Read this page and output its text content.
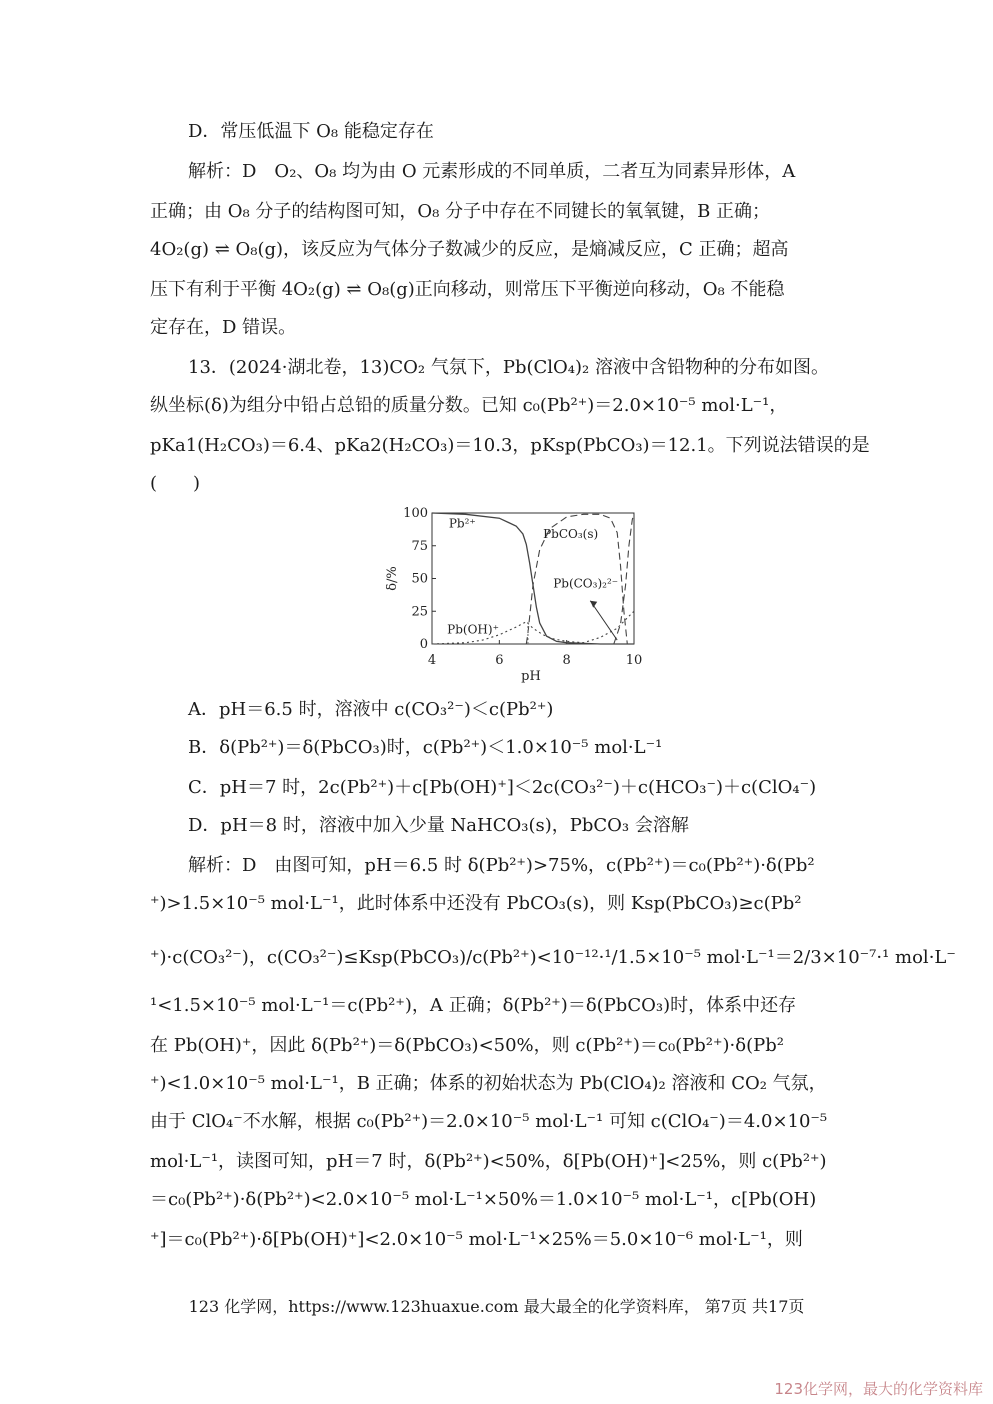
D．常压低温下 O₈ 能稳定存在
解析：D　O₂、O₈ 均为由 O 元素形成的不同单质，二者互为同素异形体，A
正确；由 O₈ 分子的结构图可知，O₈ 分子中存在不同键长的氧氧键，B 正确；
4O₂(g) ⇌ O₈(g)，该反应为气体分子数减少的反应，是熵减反应，C 正确；超高
压下有利于平衡 4O₂(g) ⇌ O₈(g)正向移动，则常压下平衡逆向移动，O₈ 不能稳
定存在，D 错误。
13．(2024·湖北卷，13)CO₂ 气氛下，Pb(ClO₄)₂ 溶液中含铅物种的分布如图。
纵坐标(δ)为组分中铅占总铅的质量分数。已知 c₀(Pb²⁺)＝2.0×10⁻⁵ mol·L⁻¹，
pKa1(H₂CO₃)＝6.4、pKa2(H₂CO₃)＝10.3，pKsp(PbCO₃)＝12.1。下列说法错误的是
(　　)
4	6	8	10
0
25
50
75
100
pH
δ/%
Pb²⁺
Pb(OH)⁺
PbCO₃(s)
Pb(CO₃)₂²⁻
A．pH＝6.5 时，溶液中 c(CO₃²⁻)＜c(Pb²⁺)
B．δ(Pb²⁺)＝δ(PbCO₃)时，c(Pb²⁺)＜1.0×10⁻⁵ mol·L⁻¹
C．pH＝7 时，2c(Pb²⁺)＋c[Pb(OH)⁺]＜2c(CO₃²⁻)＋c(HCO₃⁻)＋c(ClO₄⁻)
D．pH＝8 时，溶液中加入少量 NaHCO₃(s)，PbCO₃ 会溶解
解析：D　由图可知，pH＝6.5 时 δ(Pb²⁺)>75%，c(Pb²⁺)＝c₀(Pb²⁺)·δ(Pb²
⁺)>1.5×10⁻⁵ mol·L⁻¹，此时体系中还没有 PbCO₃(s)，则 Ksp(PbCO₃)≥c(Pb²
⁺)·c(CO₃²⁻)，c(CO₃²⁻)≤Ksp(PbCO₃)/c(Pb²⁺)<10⁻¹²·¹/1.5×10⁻⁵ mol·L⁻¹＝2/3×10⁻⁷·¹ mol·L⁻
¹<1.5×10⁻⁵ mol·L⁻¹＝c(Pb²⁺)，A 正确；δ(Pb²⁺)＝δ(PbCO₃)时，体系中还存
在 Pb(OH)⁺，因此 δ(Pb²⁺)＝δ(PbCO₃)<50%，则 c(Pb²⁺)＝c₀(Pb²⁺)·δ(Pb²
⁺)<1.0×10⁻⁵ mol·L⁻¹，B 正确；体系的初始状态为 Pb(ClO₄)₂ 溶液和 CO₂ 气氛，
由于 ClO₄⁻不水解，根据 c₀(Pb²⁺)＝2.0×10⁻⁵ mol·L⁻¹ 可知 c(ClO₄⁻)＝4.0×10⁻⁵
mol·L⁻¹，读图可知，pH＝7 时，δ(Pb²⁺)<50%，δ[Pb(OH)⁺]<25%，则 c(Pb²⁺)
＝c₀(Pb²⁺)·δ(Pb²⁺)<2.0×10⁻⁵ mol·L⁻¹×50%＝1.0×10⁻⁵ mol·L⁻¹，c[Pb(OH)
⁺]＝c₀(Pb²⁺)·δ[Pb(OH)⁺]<2.0×10⁻⁵ mol·L⁻¹×25%＝5.0×10⁻⁶ mol·L⁻¹，则
123 化学网，https://www.123huaxue.com 最大最全的化学资料库， 第7页 共17页
123化学网，最大的化学资料库
